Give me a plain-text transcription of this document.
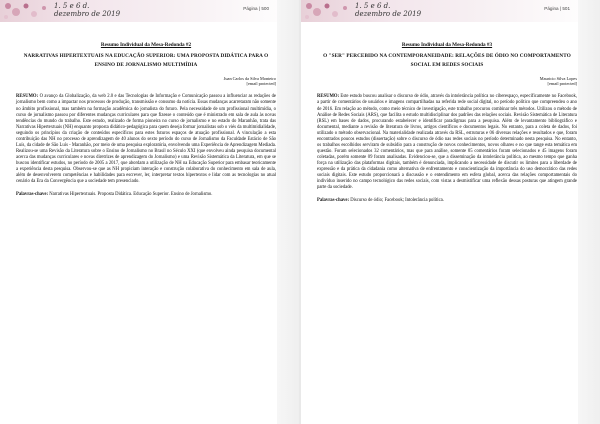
1. 5 e 6 d.
dezembro de 2019
Página | 500

Resumo Individual da Mesa-Redonda #2

NARRATIVAS HIPERTEXTUAIS NA EDUCAÇÃO SUPERIOR: UMA PROPOSTA DIDÁTICA PARA O ENSINO DE JORNALISMO MULTIMÍDIA

Juan Carlos da Silva Monteiro
[email protected]

RESUMO: O avanço da Globalização, da web 2.0 e das Tecnologias de Informação e Comunicação passou a influenciar as redações de jornalismo bem como a impactar nos processos de produção, transmissão e consumo da notícia. Essas mudanças acarretaram não somente no âmbito profissional, mas também na formação acadêmica do jornalista do futuro. Pela necessidade de um profissional multimídia, o curso de jornalismo passou por diferentes mudanças curriculares para que fizesse o conteúdo que é ministrado em sala de aula às novas tendências do mundo do trabalho. Este estudo, realizado de forma pioneira no curso de jornalismo e no estado do Maranhão, trata das Narrativas Hipertextuais (NH) enquanto proposta didático-pedagógica para quem deseja formar jornalistas sob o viés da multimidialidade, seguindo os princípios da criação de conteúdos específicos para estes futuros espaços de atuação profissional. A vinculação a esta contribuição das NH no processo de aprendizagem de 40 alunos do sexto período do curso de Jornalismo da Faculdade Estácio de São Luís, da cidade de São Luís - Maranhão, por meio de uma pesquisa exploratória, envolvendo uma Experiência de Aprendizagem Mediada. Realizou-se uma Revisão da Literatura sobre o Ensino de Jornalismo no Brasil no Século XXI (que envolveu ainda pesquisa documental acerca das mudanças curriculares e novas diretrizes de aprendizagem do Jornalismo) e uma Revisão Sistemática da Literatura, em que se buscou identificar estudos, no período de 2005 a 2017, que abordam a utilização de NH na Educação Superior para embasar teoricamente a experiência desta pesquisa. Observou-se que as NH propiciam interação e construção colaborativa do conhecimento em sala de aula, além de desenvolverem competências e habilidades para escrever, ler, interpretar textos hipertextos e lidar com as tecnologias no atual cenário da Era da Convergência que a sociedade tem presenciado.

Palavras-chave: Narrativas Hipertextuais. Proposta Didática. Educação Superior. Ensino de Jornalismo.

1. 5 e 6 d.
dezembro de 2019
Página | 501

Resumo Individual da Mesa-Redonda #3

O "SER" PERCEBIDO NA CONTEMPORANEIDADE: RELAÇÕES DE ÓDIO NO COMPORTAMENTO SOCIAL EM REDES SOCIAIS

Mauricio Silva Lopes
[email protected]

RESUMO: Este estudo buscou analisar o discurso de ódio, através da intolerância política no ciberespaço, especificamente no Facebook, a partir de comentários de usuários e imagens compartilhadas na referida rede social digital, no período político que compreendeu o ano de 2016. Em relação ao método, como meio técnico de investigação, este trabalho procurou combinar três métodos. Utilizou o método de Análise de Redes Sociais (ARS), que facilita o estudo multidisciplinar dos padrões das relações sociais. Revisão Sistemática de Literatura (RSL) em bases de dados, procurando estabelecer e identificar paradigmas para a pesquisa. Além de levantamento bibliográfico e documental, mediante a revisão de literatura de livros, artigos científicos e documentos legais. No entanto, para a coleta de dados, foi utilizado o método observacional. Na materialidade realizada através da RSL, estruturas e 06 diversas relações e resultados e que, foram encontrados poucos estudos (dissertação) sobre o discurso de ódio nas redes sociais no período determinado nesta pesquisa. No entanto, os trabalhos escolhidos serviram de subsídio para a construção de novos conhecimentos, novos olhares e no que tange esta temática em questão. Foram selecionados 32 comentários, mas que para análise, somente 05 comentários foram selecionados e 45 imagens foram coletadas, porém somente 09 foram analisadas. Evidenciou-se, que a disseminação da intolerância política, ao mesmo tempo que ganha força na utilização das plataformas digitais, também é denunciada, implicando a necessidade de discutir os limites para a liberdade de expressão e da prática da cidadania como alternativa de enfrentamento e conscientização da importância do uso democrático das redes sociais digitais. Este estudo proporcionará a discussão e o entendimento em esfera global, acerca das relações comportamentais do indivíduo inserido no campo tecnológico das redes sociais, com vistas a desmistificar uma reflexão dessas posturas que atingem grande parte da sociedade.

Palavras-chave: Discurso de ódio; Facebook; Intolerância política.
